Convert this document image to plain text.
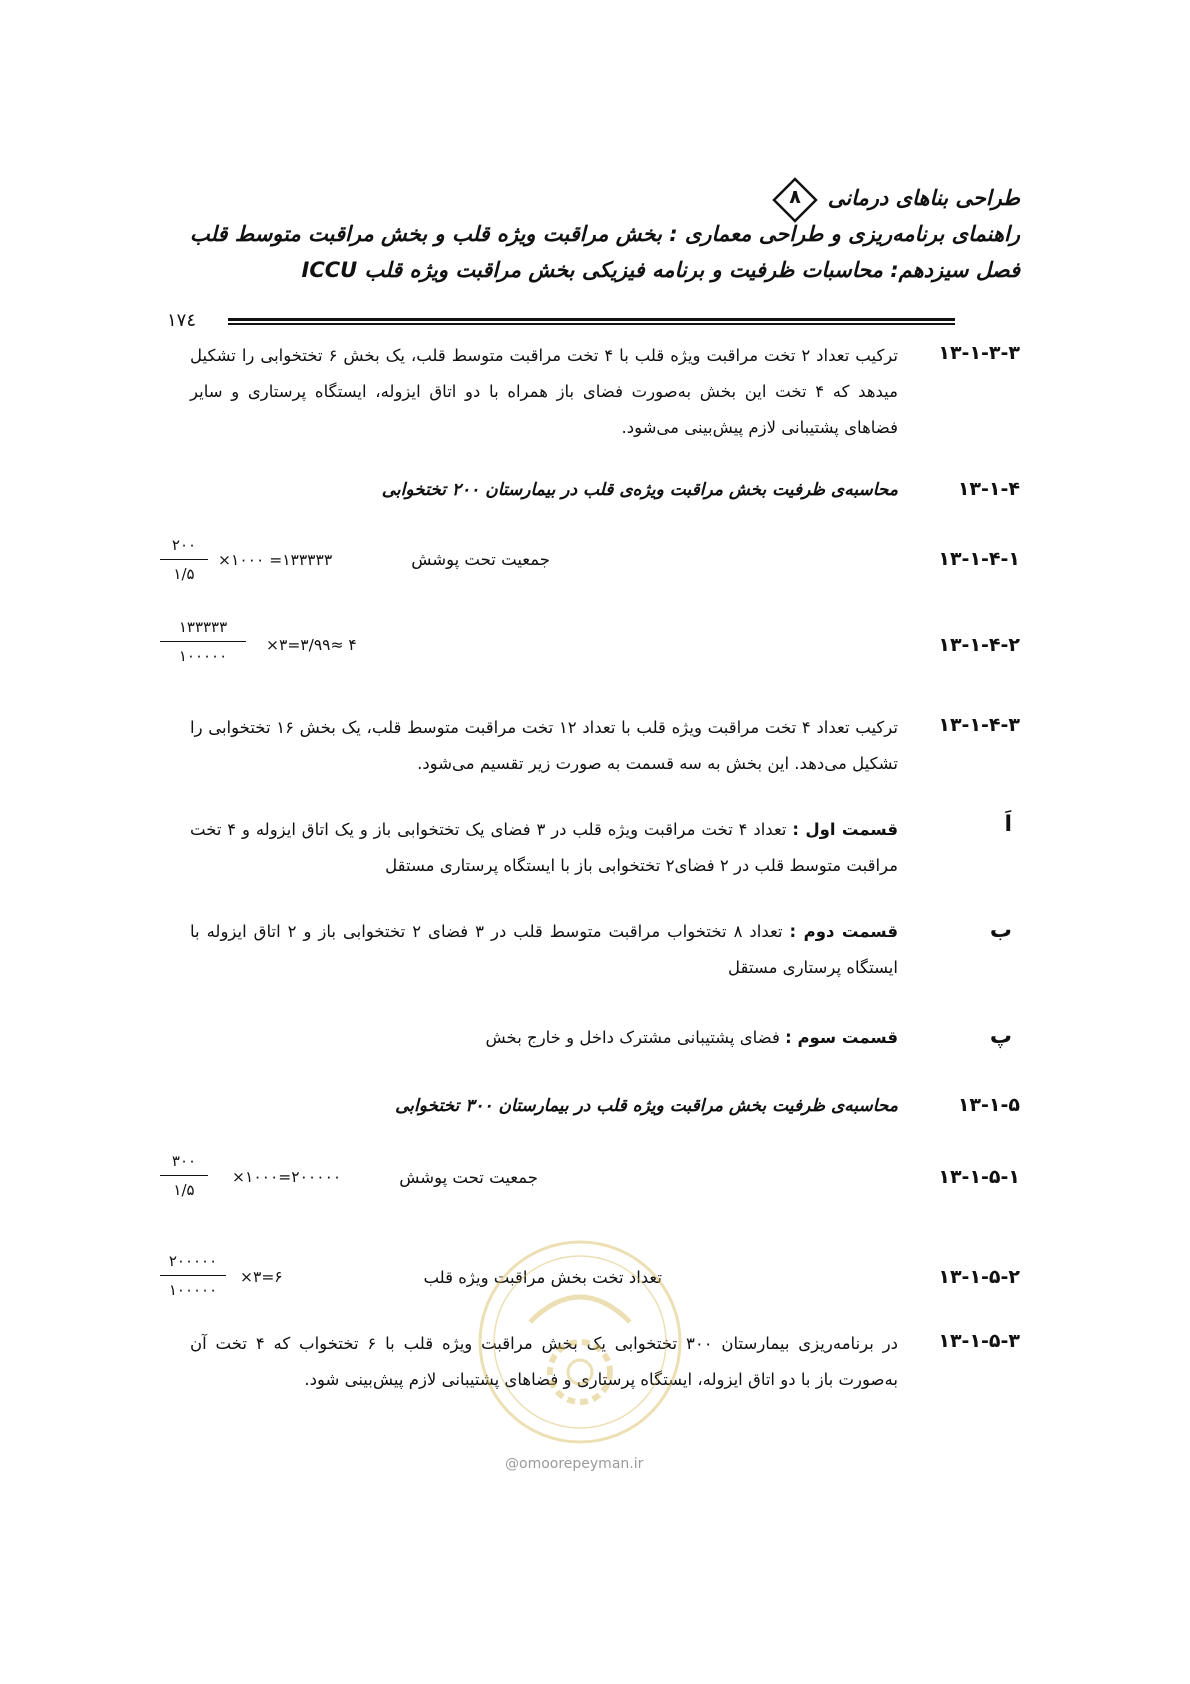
طراحی بناهای درمانی
۸
راهنمای برنامه‌ریزی و طراحی معماری : بخش مراقبت ویژه قلب و بخش مراقبت متوسط قلب
فصل سیزدهم: محاسبات ظرفیت و برنامه فیزیکی بخش مراقبت ویژه قلب ICCU
۱۷٤
۱۳-۱-۳-۳
ترکیب تعداد ۲ تخت مراقبت ویژه قلب با ۴ تخت مراقبت متوسط قلب، یک بخش ۶ تختخوابی را تشکیل میدهد که ۴ تخت این بخش به‌صورت فضای باز همراه با دو اتاق ایزوله، ایستگاه پرستاری و سایر فضاهای پشتیبانی لازم پیش‌بینی می‌شود.
۱۳-۱-۴
محاسبه‌ی ظرفیت بخش مراقبت ویژه‌ی قلب در بیمارستان ۲۰۰ تختخوابی
۱۳-۱-۴-۱
جمعیت تحت پوشش
۲۰۰
۱/۵
×۱۰۰۰ =۱۳۳۳۳۳
۱۳-۱-۴-۲
۱۳۳۳۳۳
۱۰۰۰۰۰
×۳=۳/۹۹≈ ۴
۱۳-۱-۴-۳
ترکیب تعداد ۴ تخت مراقبت ویژه قلب با تعداد ۱۲ تخت مراقبت متوسط قلب، یک بخش ۱۶ تختخوابی را تشکیل می‌دهد. این بخش به سه قسمت به صورت زیر تقسیم می‌شود.
اَ
قسمت اول : تعداد ۴ تخت مراقبت ویژه قلب در ۳ فضای یک تختخوابی باز و یک اتاق ایزوله و ۴ تخت مراقبت متوسط قلب در ۲ فضای۲ تختخوابی باز با ایستگاه پرستاری مستقل
ب
قسمت دوم : تعداد ۸ تختخواب مراقبت متوسط قلب در ۳ فضای ۲ تختخوابی باز و ۲ اتاق ایزوله با ایستگاه پرستاری مستقل
پ
قسمت سوم : فضای پشتیبانی مشترک داخل و خارج بخش
۱۳-۱-۵
محاسبه‌ی ظرفیت بخش مراقبت ویژه قلب در بیمارستان ۳۰۰ تختخوابی
۱۳-۱-۵-۱
جمعیت تحت پوشش
۳۰۰
۱/۵
×۱۰۰۰=۲۰۰۰۰۰
۱۳-۱-۵-۲
تعداد تخت بخش مراقبت ویژه قلب
۲۰۰۰۰۰
۱۰۰۰۰۰
×۳=۶
۱۳-۱-۵-۳
در برنامه‌ریزی بیمارستان ۳۰۰ تختخوابی یک بخش مراقبت ویژه قلب با ۶ تختخواب که ۴ تخت آن به‌صورت باز با دو اتاق ایزوله، ایستگاه پرستاری و فضاهای پشتیبانی لازم پیش‌بینی شود.
@omoorepeyman.ir
